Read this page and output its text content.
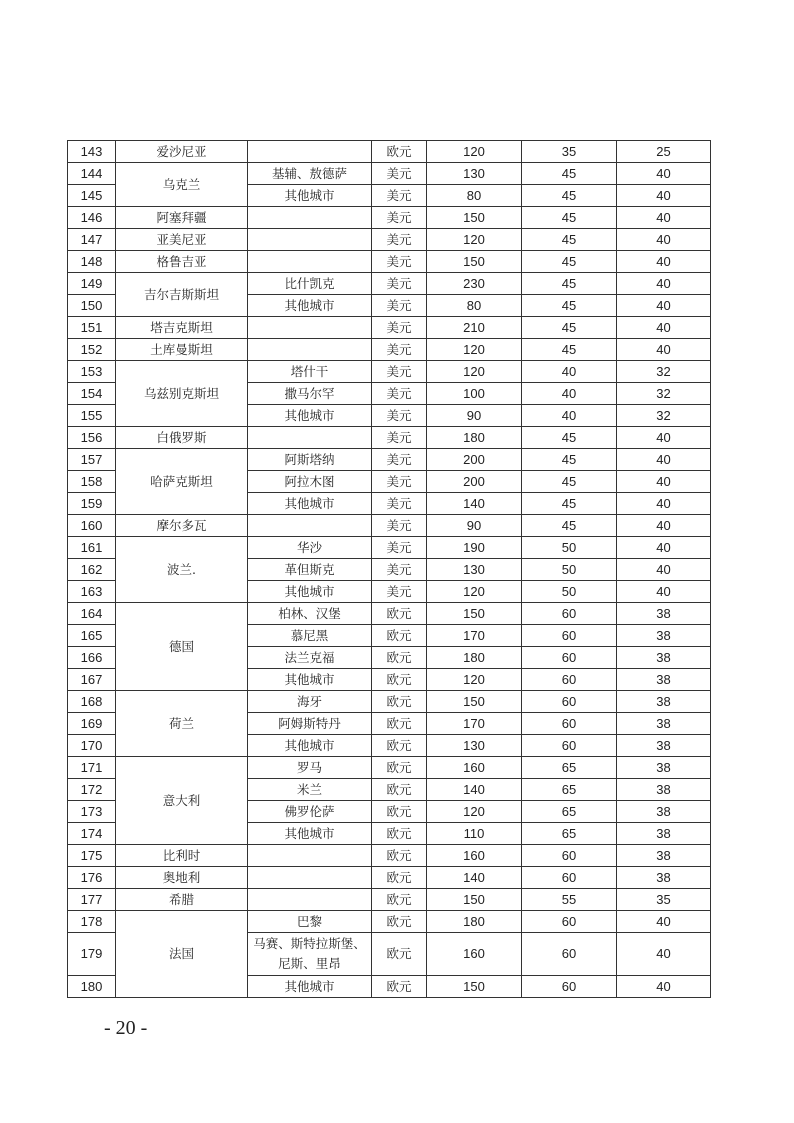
143	爱沙尼亚		欧元	120	35	25
144	乌克兰	基辅、敖德萨	美元	130	45	40
145		其他城市	美元	80	45	40
146	阿塞拜疆		美元	150	45	40
147	亚美尼亚		美元	120	45	40
148	格鲁吉亚		美元	150	45	40
149	吉尔吉斯斯坦	比什凯克	美元	230	45	40
150		其他城市	美元	80	45	40
151	塔吉克斯坦		美元	210	45	40
152	土库曼斯坦		美元	120	45	40
153	乌兹别克斯坦	塔什干	美元	120	40	32
154		撒马尔罕	美元	100	40	32
155		其他城市	美元	90	40	32
156	白俄罗斯		美元	180	45	40
157	哈萨克斯坦	阿斯塔纳	美元	200	45	40
158		阿拉木图	美元	200	45	40
159		其他城市	美元	140	45	40
160	摩尔多瓦		美元	90	45	40
161	波兰.	华沙	美元	190	50	40
162		革但斯克	美元	130	50	40
163		其他城市	美元	120	50	40
164	德国	柏林、汉堡	欧元	150	60	38
165		慕尼黑	欧元	170	60	38
166		法兰克福	欧元	180	60	38
167		其他城市	欧元	120	60	38
168	荷兰	海牙	欧元	150	60	38
169		阿姆斯特丹	欧元	170	60	38
170		其他城市	欧元	130	60	38
171	意大利	罗马	欧元	160	65	38
172		米兰	欧元	140	65	38
173		佛罗伦萨	欧元	120	65	38
174		其他城市	欧元	110	65	38
175	比利时		欧元	160	60	38
176	奥地利		欧元	140	60	38
177	希腊		欧元	150	55	35
178	法国	巴黎	欧元	180	60	40
179		马赛、斯特拉斯堡、尼斯、里昂	欧元	160	60	40
180		其他城市	欧元	150	60	40
- 20 -
